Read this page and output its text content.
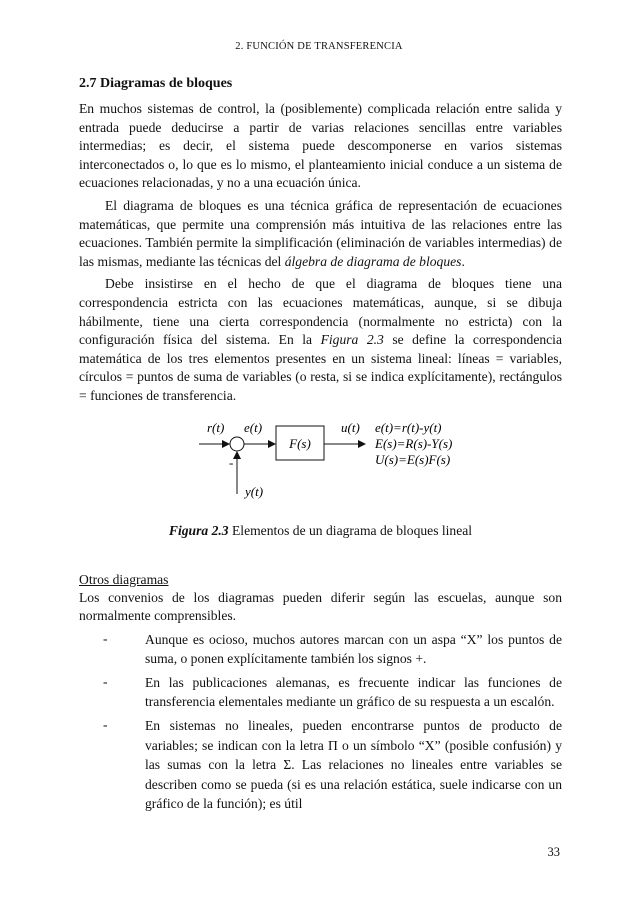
2. FUNCIÓN DE TRANSFERENCIA
2.7 Diagramas de bloques

En muchos sistemas de control, la (posiblemente) complicada relación entre salida y entrada puede deducirse a partir de varias relaciones sencillas entre variables intermedias; es decir, el sistema puede descomponerse en varios sistemas interconectados o, lo que es lo mismo, el planteamiento inicial conduce a un sistema de ecuaciones relacionadas, y no a una ecuación única.

El diagrama de bloques es una técnica gráfica de representación de ecuaciones matemáticas, que permite una comprensión más intuitiva de las relaciones entre las ecuaciones. También permite la simplificación (eliminación de variables intermedias) de las mismas, mediante las técnicas del álgebra de diagrama de bloques.

Debe insistirse en el hecho de que el diagrama de bloques tiene una correspondencia estricta con las ecuaciones matemáticas, aunque, si se dibuja hábilmente, tiene una cierta correspondencia (normalmente no estricta) con la configuración física del sistema. En la Figura 2.3 se define la correspondencia matemática de los tres elementos presentes en un sistema lineal: líneas = variables, círculos = puntos de suma de variables (o resta, si se indica explícitamente), rectángulos = funciones de transferencia.

r(t) e(t)
F(s)
u(t)
-
y(t)
e(t)=r(t)-y(t)
E(s)=R(s)-Y(s)
U(s)=E(s)F(s)
Figura 2.3 Elementos de un diagrama de bloques lineal
Otros diagramas

Los convenios de los diagramas pueden diferir según las escuelas, aunque son normalmente comprensibles.

-	Aunque es ocioso, muchos autores marcan con un aspa “X” los puntos de suma, o ponen explícitamente también los signos +.

-	En las publicaciones alemanas, es frecuente indicar las funciones de transferencia elementales mediante un gráfico de su respuesta a un escalón.

-	En sistemas no lineales, pueden encontrarse puntos de producto de variables; se indican con la letra Π o un símbolo “X” (posible confusión) y las sumas con la letra Σ. Las relaciones no lineales entre variables se describen como se pueda (si es una relación estática, suele indicarse con un gráfico de la función); es útil

33
